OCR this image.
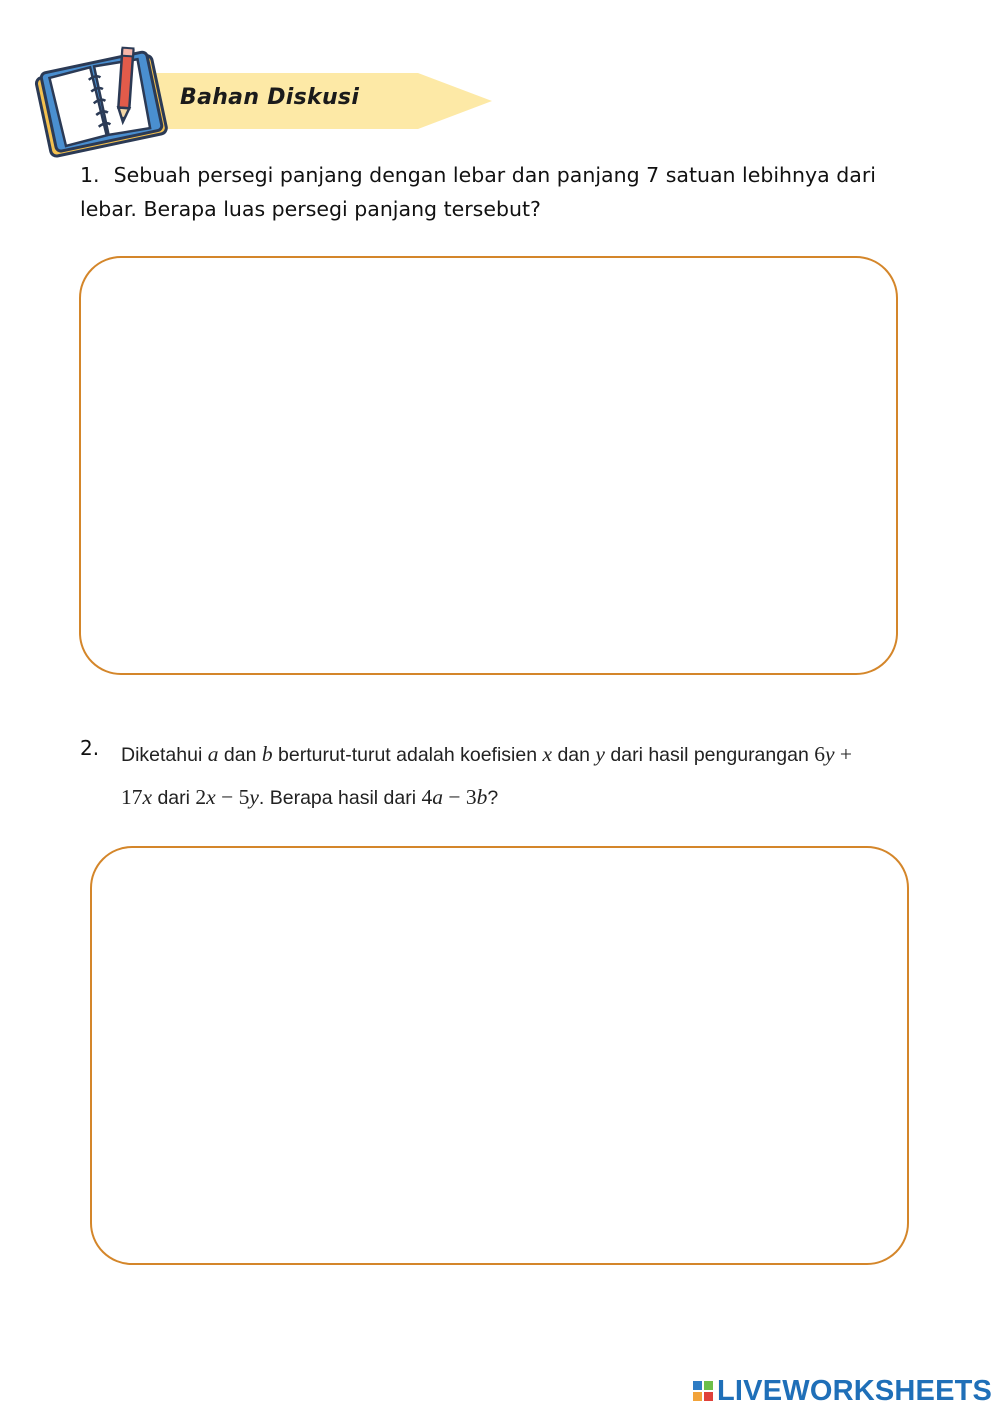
Bahan Diskusi
1. Sebuah persegi panjang dengan lebar dan panjang 7 satuan lebihnya dari lebar. Berapa luas persegi panjang tersebut?
2. Diketahui a dan b berturut-turut adalah koefisien x dan y dari hasil pengurangan 6y +
17x dari 2x − 5y. Berapa hasil dari 4a − 3b?
LIVEWORKSHEETS
